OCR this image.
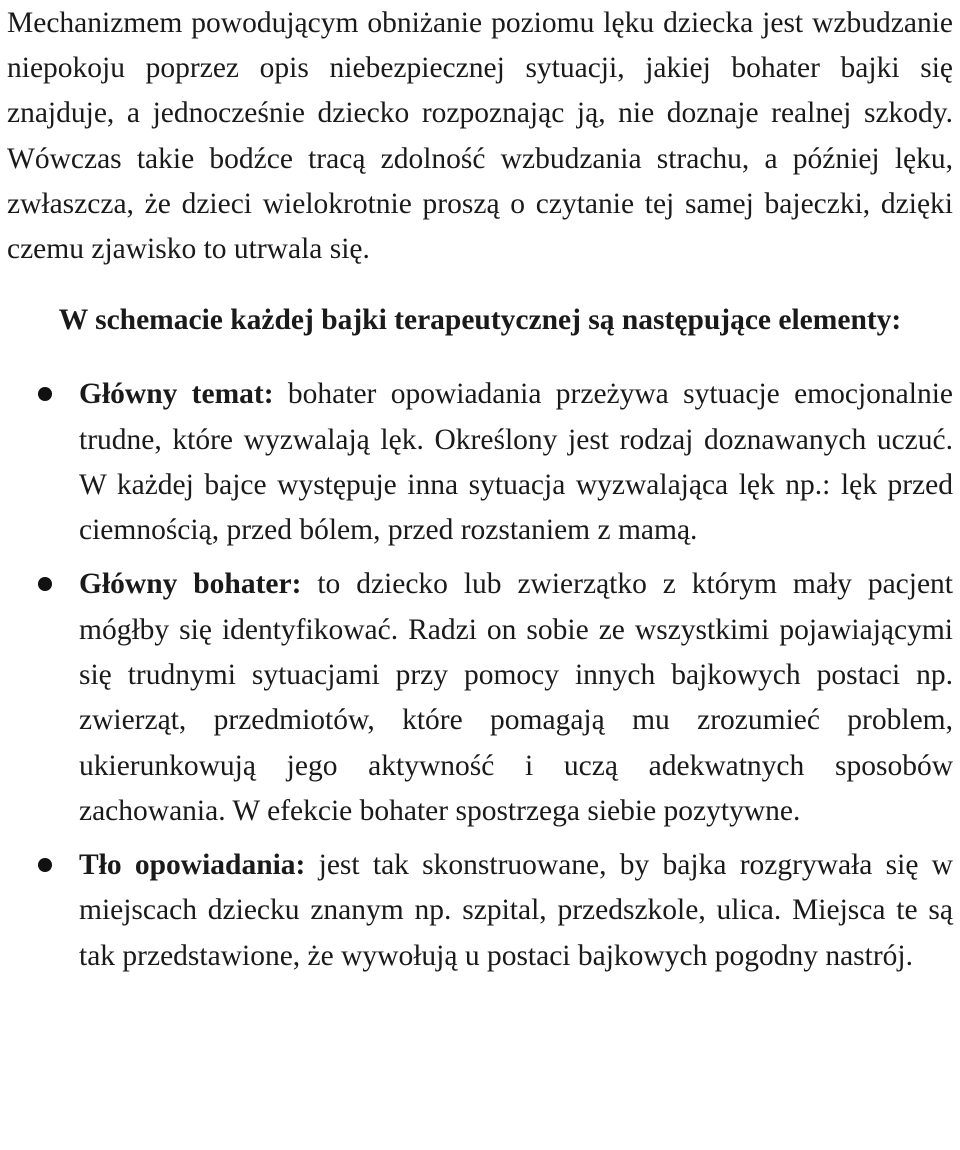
Mechanizmem powodującym obniżanie poziomu lęku dziecka jest wzbudzanie niepokoju poprzez opis niebezpiecznej sytuacji, jakiej bohater bajki się znajduje, a jednocześnie dziecko rozpoznając ją, nie doznaje realnej szkody. Wówczas takie bodźce tracą zdolność wzbudzania strachu, a później lęku, zwłaszcza, że dzieci wielokrotnie proszą o czytanie tej samej bajeczki, dzięki czemu zjawisko to utrwala się.

W schemacie każdej bajki terapeutycznej są następujące elementy:
Główny temat: bohater opowiadania przeżywa sytuacje emocjonalnie trudne, które wyzwalają lęk. Określony jest rodzaj doznawanych uczuć. W każdej bajce występuje inna sytuacja wyzwalająca lęk np.: lęk przed ciemnością, przed bólem, przed rozstaniem z mamą.
Główny bohater: to dziecko lub zwierzątko z którym mały pacjent mógłby się identyfikować. Radzi on sobie ze wszystkimi pojawiającymi się trudnymi sytuacjami przy pomocy innych bajkowych postaci np. zwierząt, przedmiotów, które pomagają mu zrozumieć problem, ukierunkowują jego aktywność i uczą adekwatnych sposobów zachowania. W efekcie bohater spostrzega siebie pozytywne.
Tło opowiadania: jest tak skonstruowane, by bajka rozgrywała się w miejscach dziecku znanym np. szpital, przedszkole, ulica. Miejsca te są tak przedstawione, że wywołują u postaci bajkowych pogodny nastrój.
